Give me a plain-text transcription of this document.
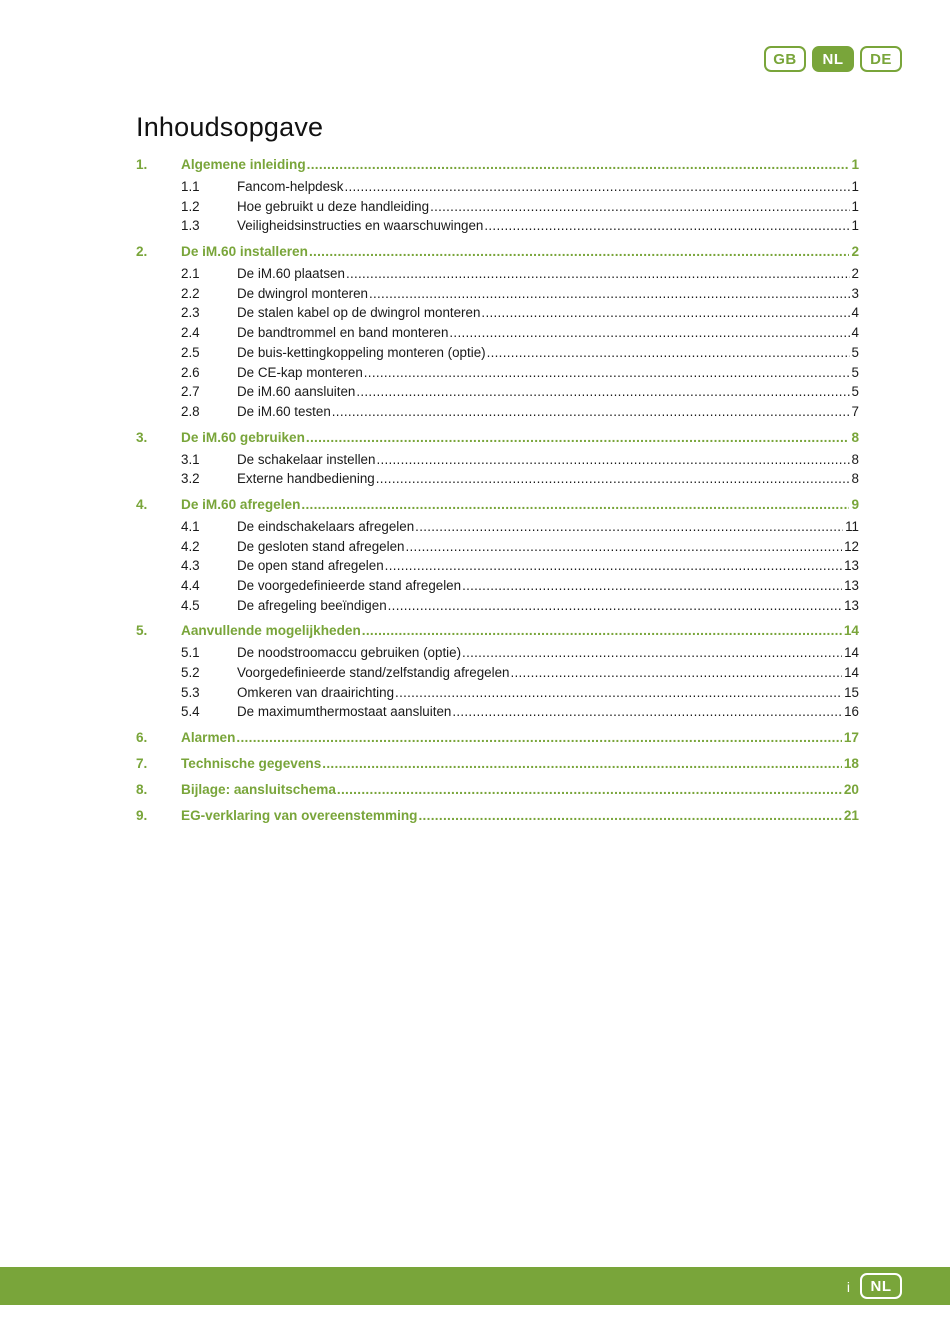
GB	NL	DE
Inhoudsopgave
1.	Algemene inleiding .....	1
1.1	Fancom-helpdesk .....	1
1.2	Hoe gebruikt u deze handleiding .....	1
1.3	Veiligheidsinstructies en waarschuwingen .....	1
2.	De iM.60 installeren .....	2
2.1	De iM.60 plaatsen .....	2
2.2	De dwingrol monteren .....	3
2.3	De stalen kabel op de dwingrol monteren .....	4
2.4	De bandtrommel en band monteren .....	4
2.5	De buis-kettingkoppeling monteren (optie) .....	5
2.6	De CE-kap monteren .....	5
2.7	De iM.60 aansluiten .....	5
2.8	De iM.60 testen .....	7
3.	De iM.60 gebruiken .....	8
3.1	De schakelaar instellen .....	8
3.2	Externe handbediening .....	8
4.	De iM.60 afregelen .....	9
4.1	De eindschakelaars afregelen .....	11
4.2	De gesloten stand afregelen .....	12
4.3	De open stand afregelen .....	13
4.4	De voorgedefinieerde stand afregelen .....	13
4.5	De afregeling beeïndigen .....	13
5.	Aanvullende mogelijkheden .....	14
5.1	De noodstroomaccu gebruiken (optie) .....	14
5.2	Voorgedefinieerde stand/zelfstandig afregelen .....	14
5.3	Omkeren van draairichting .....	15
5.4	De maximumthermostaat aansluiten .....	16
6.	Alarmen .....	17
7.	Technische gegevens .....	18
8.	Bijlage: aansluitschema .....	20
9.	EG-verklaring van overeenstemming .....	21
i	NL
